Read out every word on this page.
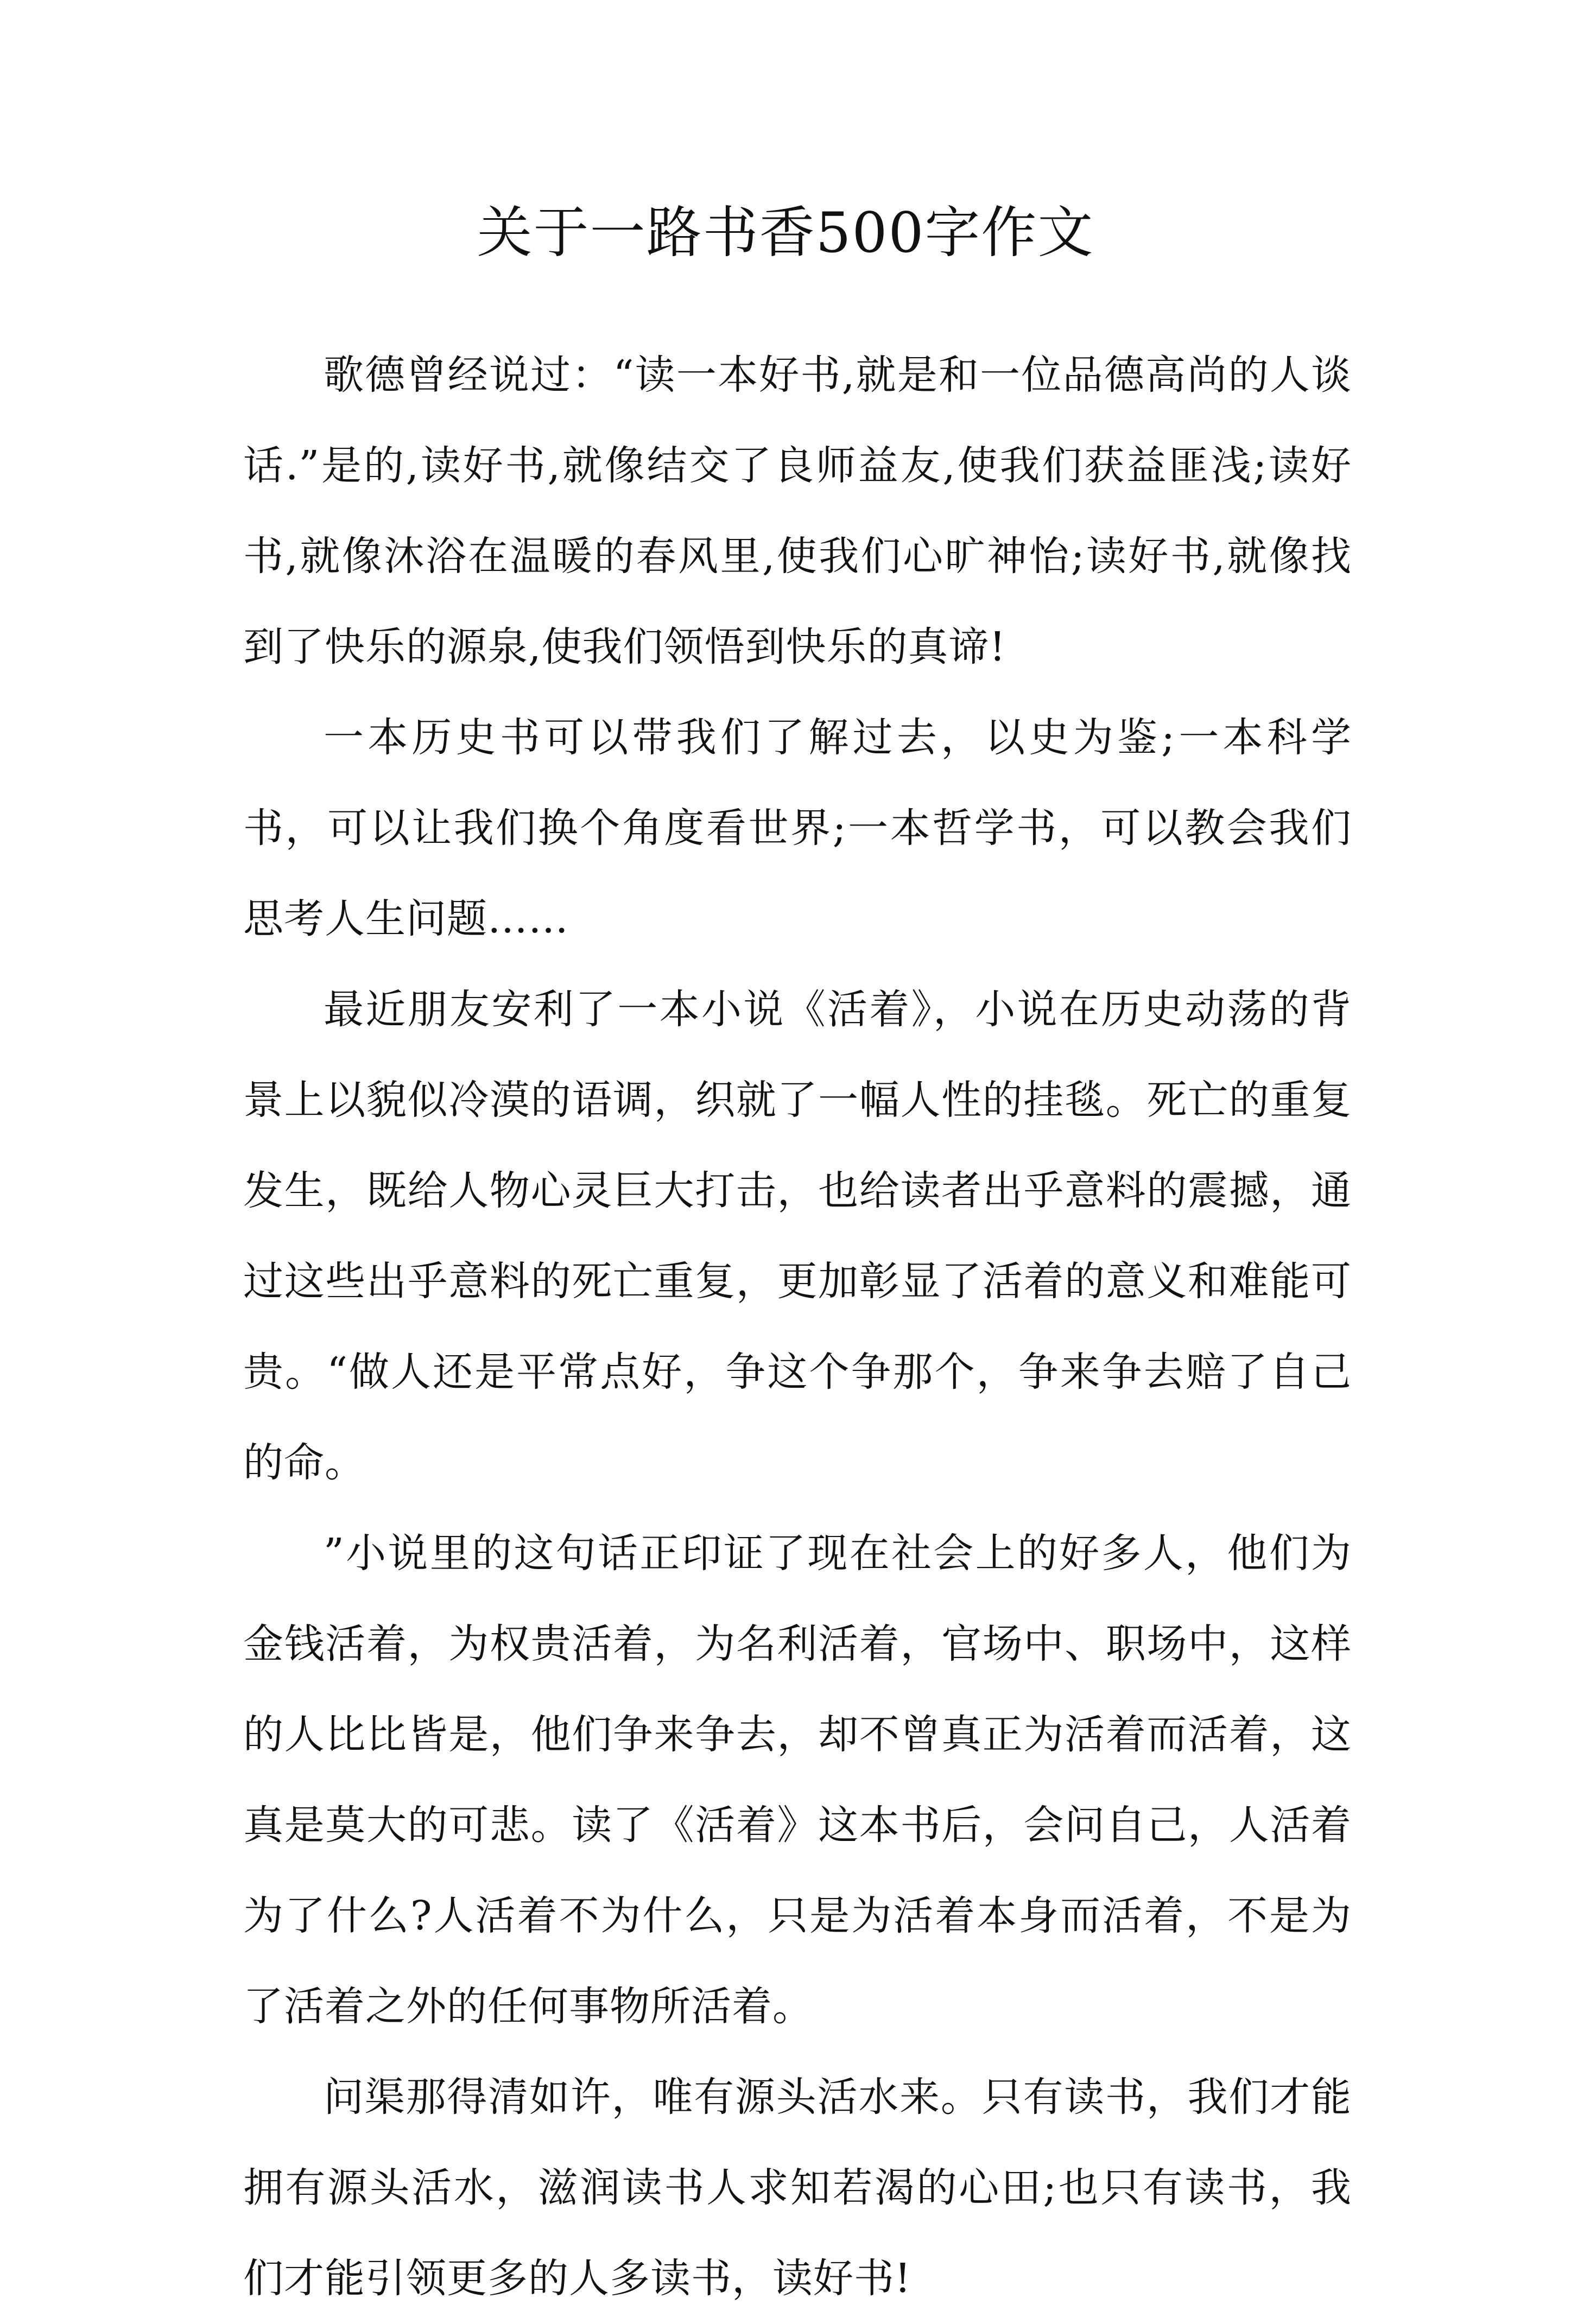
关于一路书香500字作文

歌德曾经说过：“读一本好书,就是和一位品德高尚的人谈话.”是的,读好书,就像结交了良师益友,使我们获益匪浅;读好书,就像沐浴在温暖的春风里,使我们心旷神怡;读好书,就像找到了快乐的源泉,使我们领悟到快乐的真谛!

一本历史书可以带我们了解过去，以史为鉴;一本科学书，可以让我们换个角度看世界;一本哲学书，可以教会我们思考人生问题……

最近朋友安利了一本小说《活着》，小说在历史动荡的背景上以貌似冷漠的语调，织就了一幅人性的挂毯。死亡的重复发生，既给人物心灵巨大打击，也给读者出乎意料的震撼，通过这些出乎意料的死亡重复，更加彰显了活着的意义和难能可贵。“做人还是平常点好，争这个争那个，争来争去赔了自己的命。

”小说里的这句话正印证了现在社会上的好多人，他们为金钱活着，为权贵活着，为名利活着，官场中、职场中，这样的人比比皆是，他们争来争去，却不曾真正为活着而活着，这真是莫大的可悲。读了《活着》这本书后，会问自己，人活着为了什么?人活着不为什么，只是为活着本身而活着，不是为了活着之外的任何事物所活着。

问渠那得清如许，唯有源头活水来。只有读书，我们才能拥有源头活水，滋润读书人求知若渴的心田;也只有读书，我们才能引领更多的人多读书，读好书!
